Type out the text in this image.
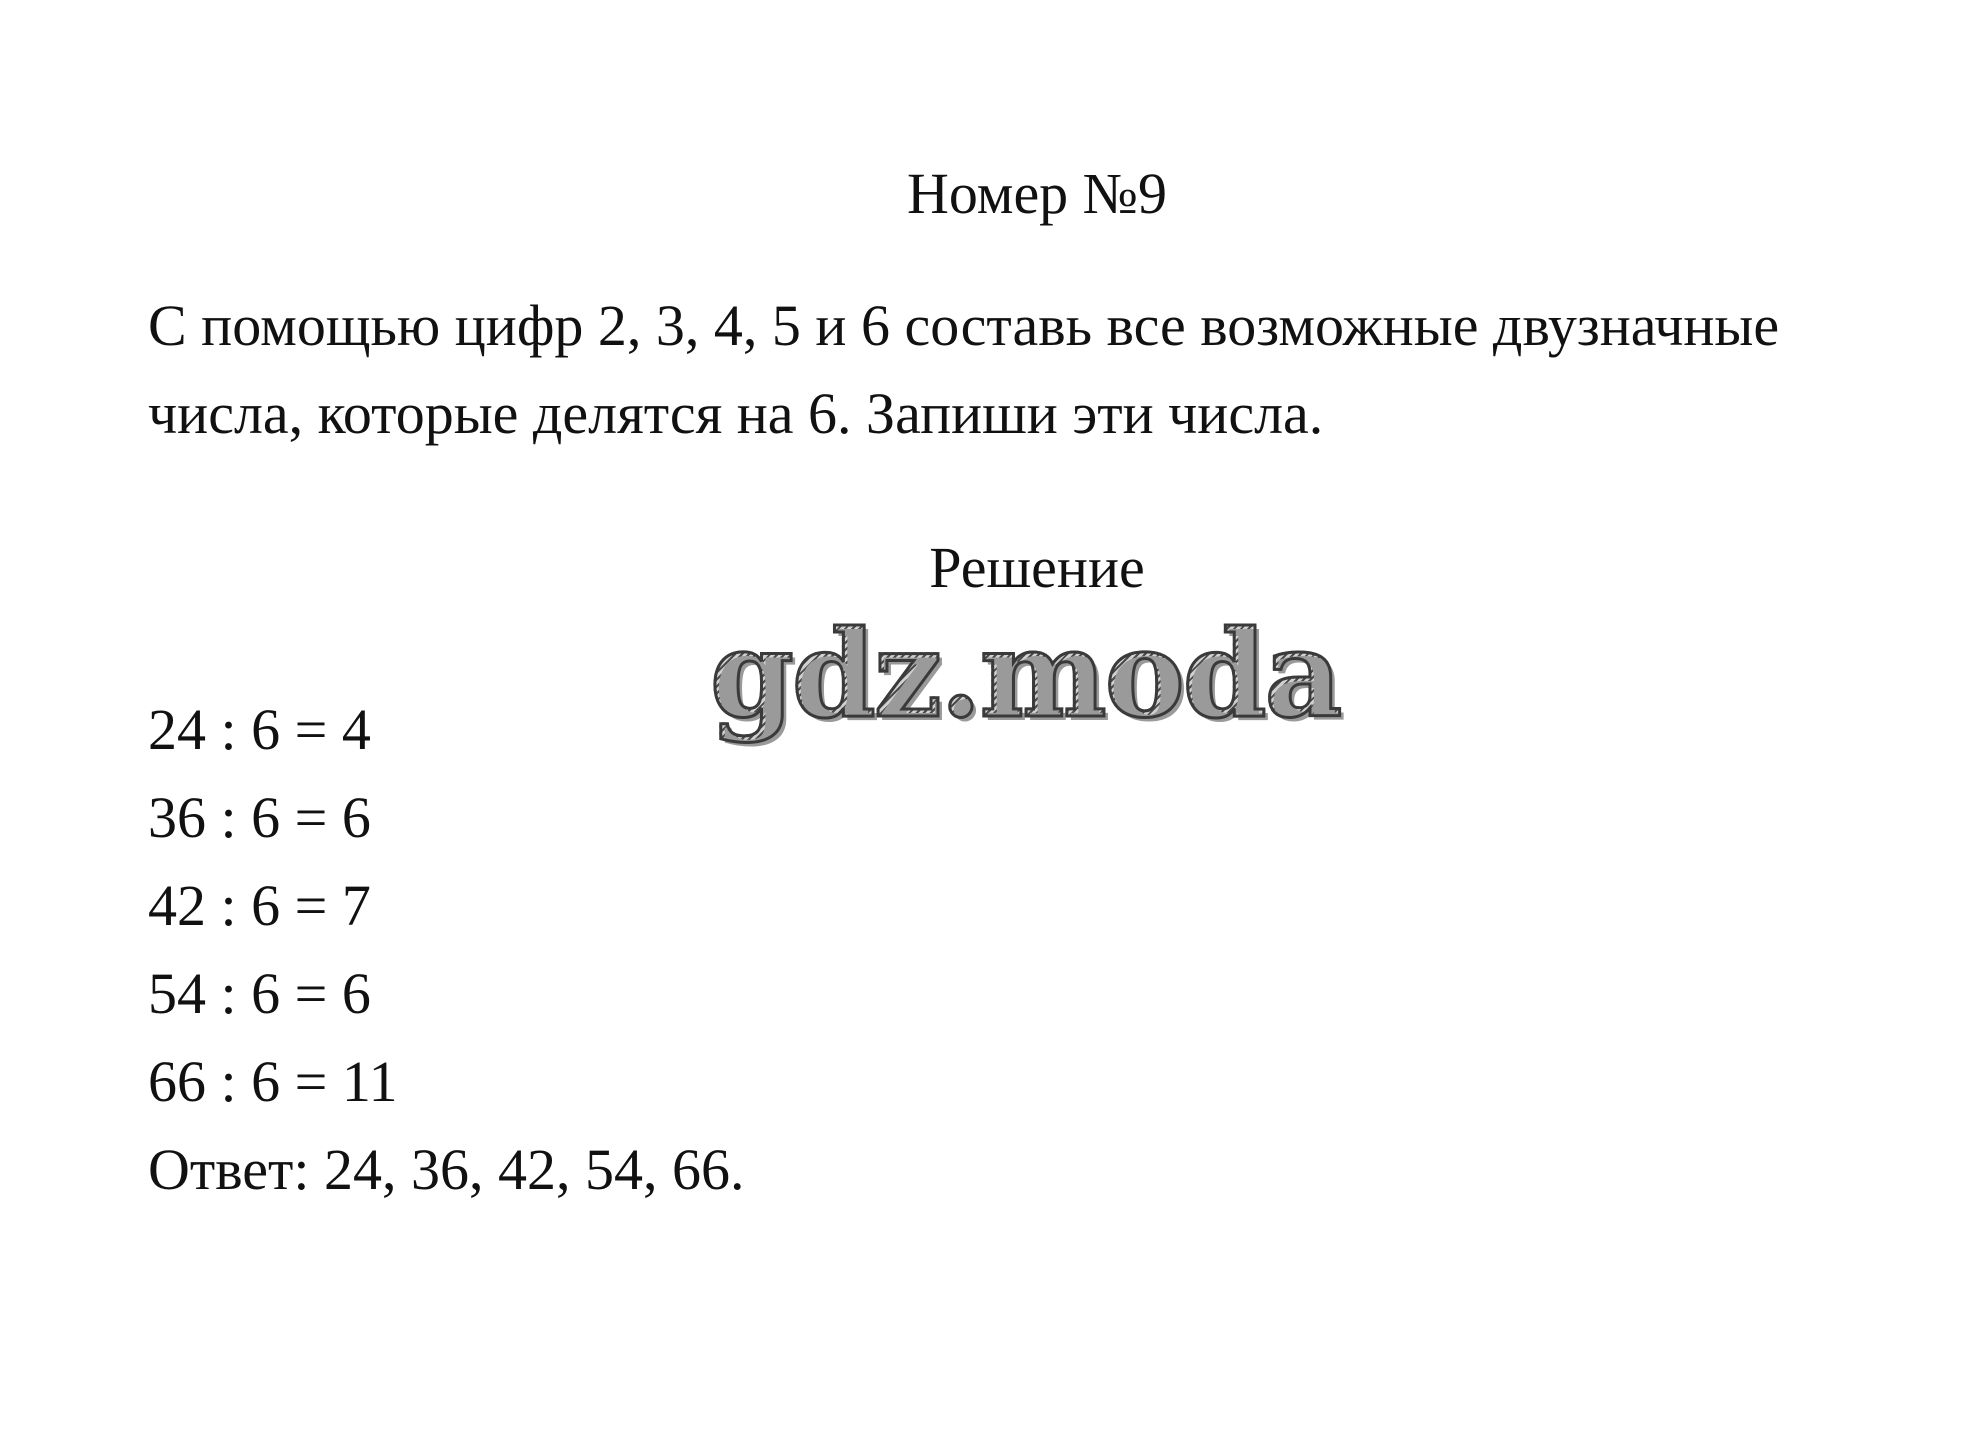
Номер №9

С помощью цифр 2, 3, 4, 5 и 6 составь все возможные двузначные
числа, которые делятся на 6. Запиши эти числа.

Решение
gdz.moda
24 : 6 = 4
36 : 6 = 6
42 : 6 = 7
54 : 6 = 6
66 : 6 = 11

Ответ: 24, 36, 42, 54, 66.
